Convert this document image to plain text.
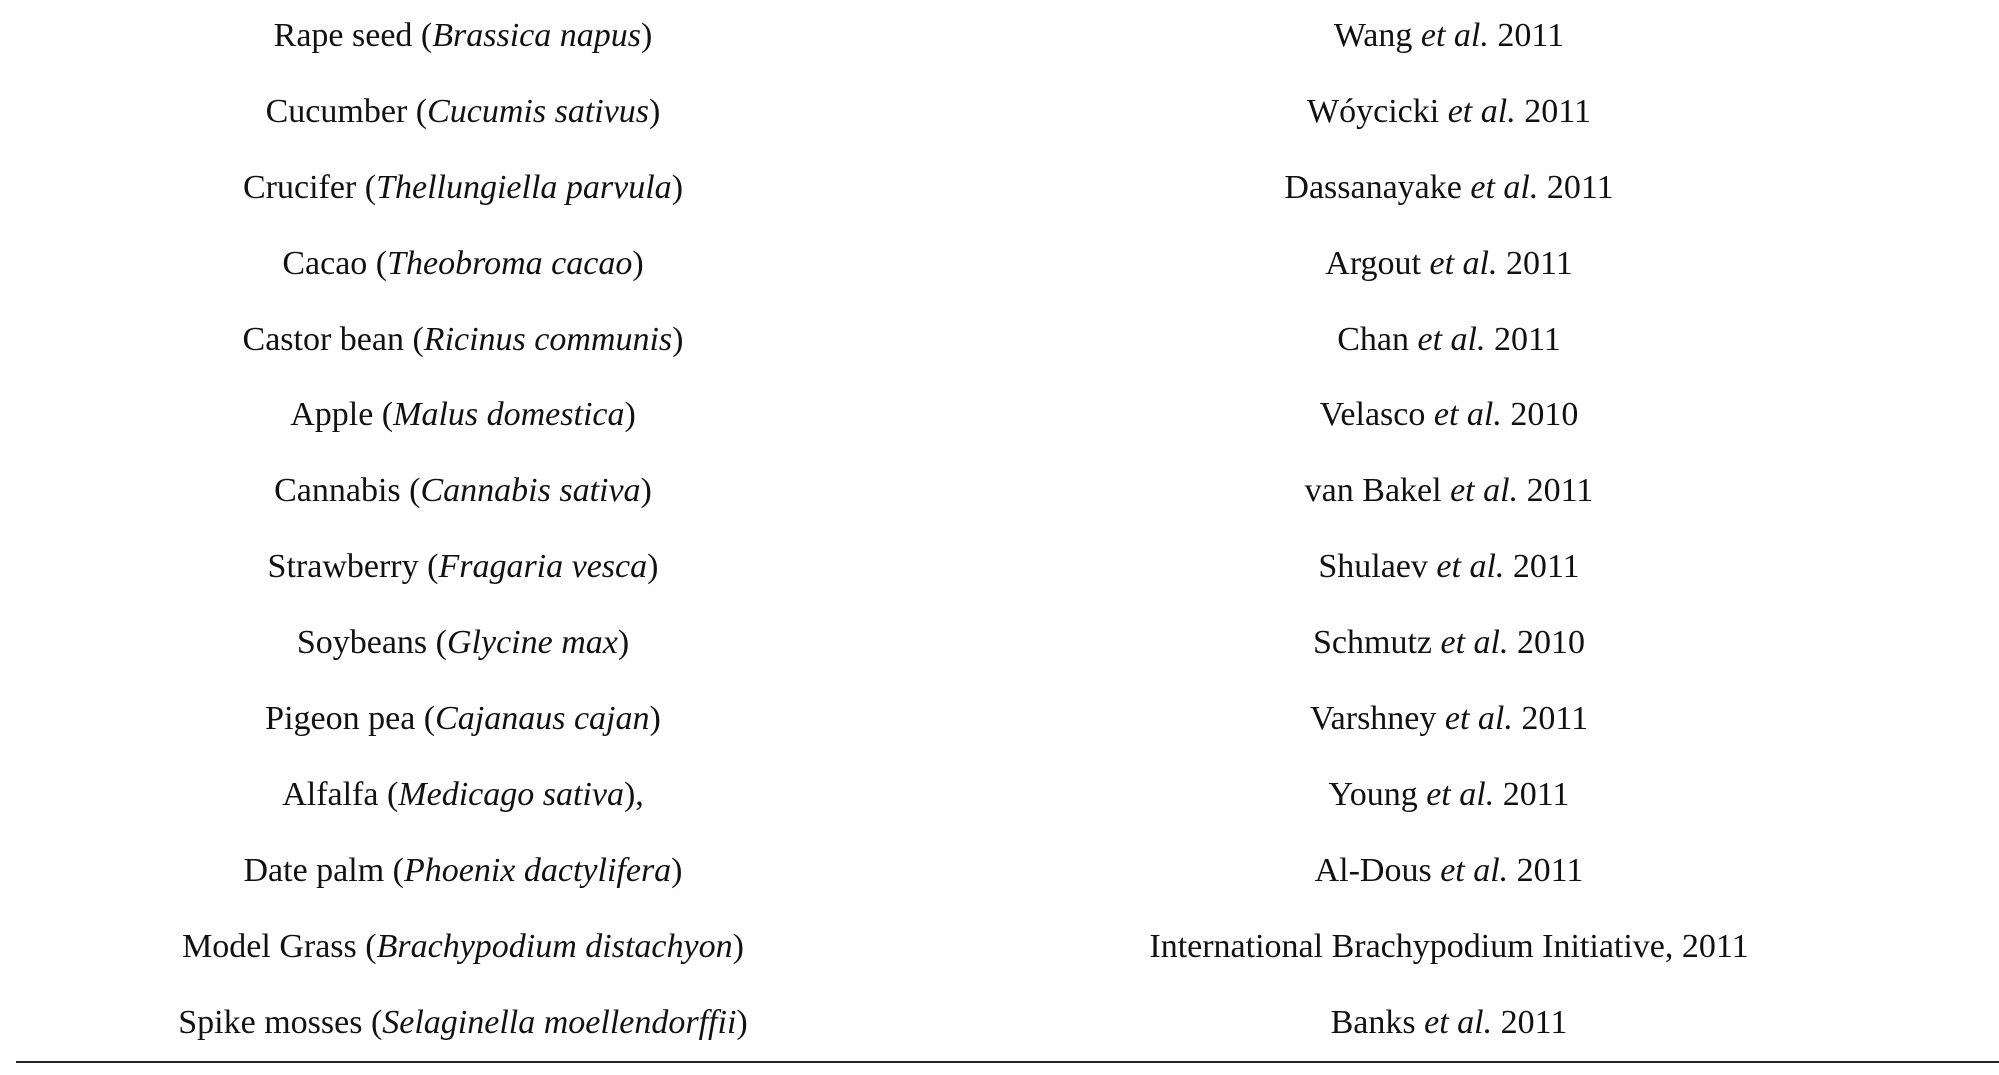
Rape seed (Brassica napus)	Wang et al. 2011
Cucumber (Cucumis sativus)	Wóycicki et al. 2011
Crucifer (Thellungiella parvula)	Dassanayake et al. 2011
Cacao (Theobroma cacao)	Argout et al. 2011
Castor bean (Ricinus communis)	Chan et al. 2011
Apple (Malus domestica)	Velasco et al. 2010
Cannabis (Cannabis sativa)	van Bakel et al. 2011
Strawberry (Fragaria vesca)	Shulaev et al. 2011
Soybeans (Glycine max)	Schmutz et al. 2010
Pigeon pea (Cajanaus cajan)	Varshney et al. 2011
Alfalfa (Medicago sativa),	Young et al. 2011
Date palm (Phoenix dactylifera)	Al-Dous et al. 2011
Model Grass (Brachypodium distachyon)	International Brachypodium Initiative, 2011
Spike mosses (Selaginella moellendorffii)	Banks et al. 2011
